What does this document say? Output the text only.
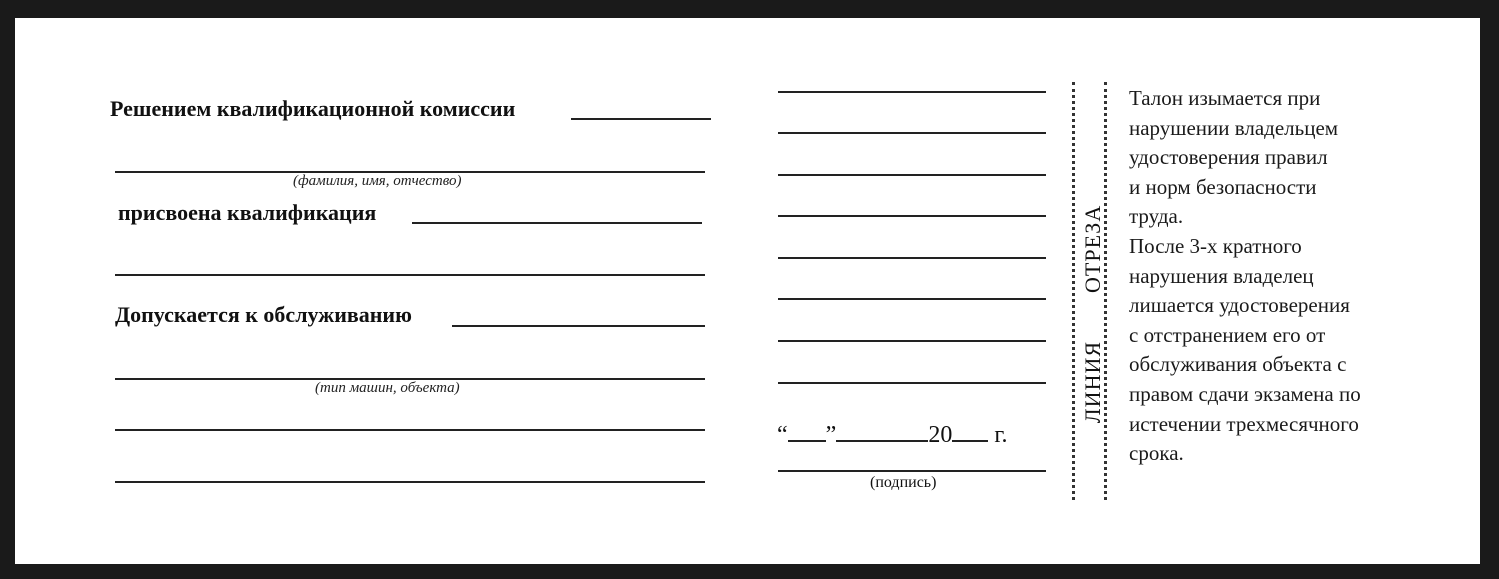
Решением квалификационной комиссии
(фамилия, имя, отчество)
присвоена квалификация
Допускается к обслуживанию
(тип машин, объекта)
“ ”	20 г.
(подпись)
ЛИНИЯОТРЕЗА
Талон изымается при
нарушении владельцем
удостоверения правил
и норм безопасности
труда.
После 3-х кратного
нарушения владелец
лишается удостоверения
с отстранением его от
обслуживания объекта с
правом сдачи экзамена по
истечении трехмесячного
срока.
